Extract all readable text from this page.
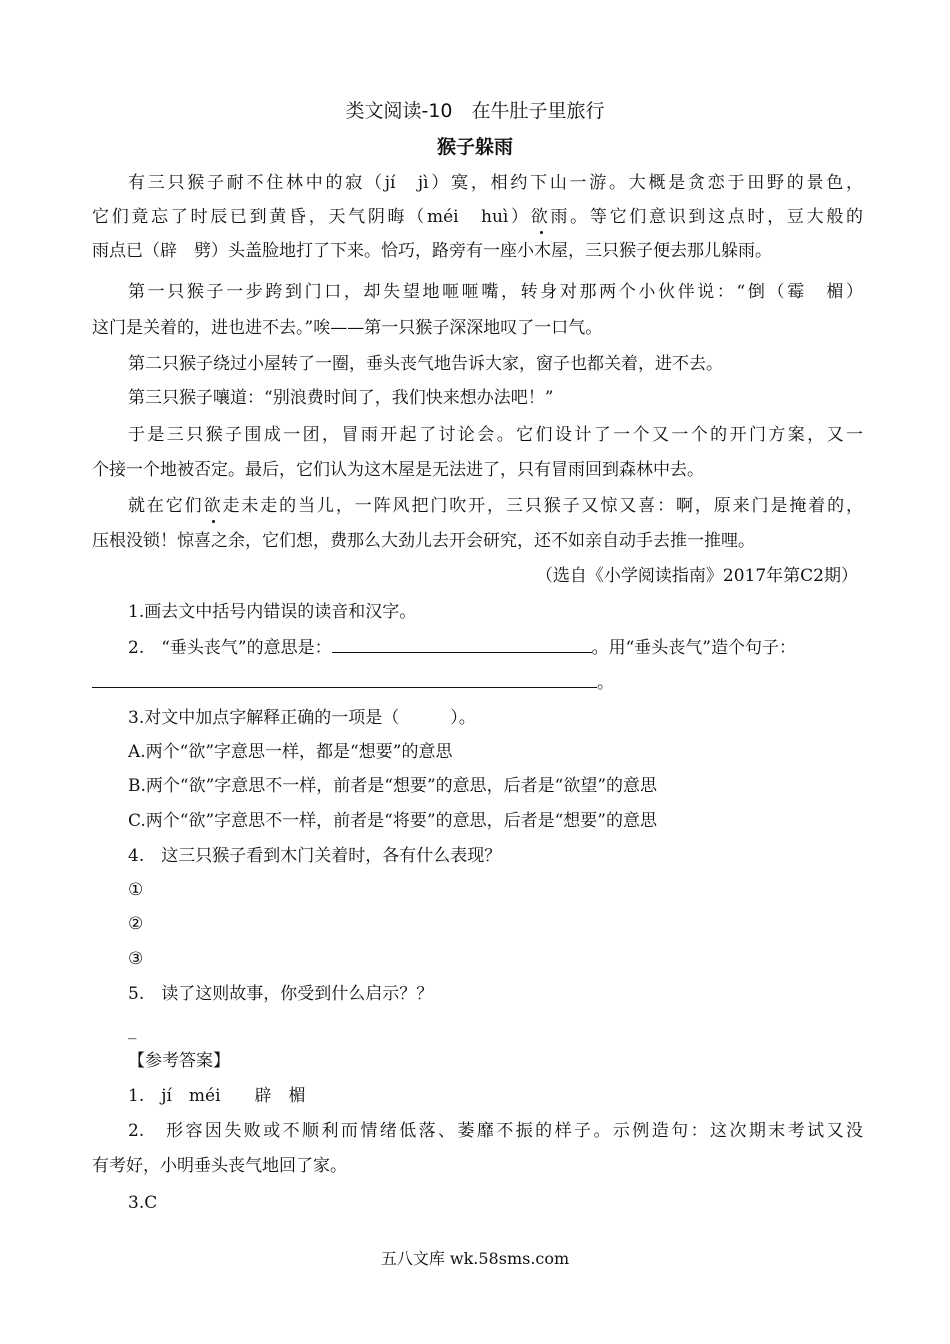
类文阅读-10　在牛肚子里旅行
猴子躲雨
有三只猴子耐不住林中的寂（jí　jì）寞，相约下山一游。大概是贪恋于田野的景色，
它们竟忘了时辰已到黄昏，天气阴晦（méi　huì）欲雨。等它们意识到这点时，豆大般的
雨点已（辟　劈）头盖脸地打了下来。恰巧，路旁有一座小木屋，三只猴子便去那儿躲雨。
第一只猴子一步跨到门口，却失望地咂咂嘴，转身对那两个小伙伴说：“倒（霉　楣）
这门是关着的，进也进不去。”唉——第一只猴子深深地叹了一口气。
第二只猴子绕过小屋转了一圈，垂头丧气地告诉大家，窗子也都关着，进不去。
第三只猴子嚷道：“别浪费时间了，我们快来想办法吧！”
于是三只猴子围成一团，冒雨开起了讨论会。它们设计了一个又一个的开门方案，又一
个接一个地被否定。最后，它们认为这木屋是无法进了，只有冒雨回到森林中去。
就在它们欲走未走的当儿，一阵风把门吹开，三只猴子又惊又喜：啊，原来门是掩着的，
压根没锁！惊喜之余，它们想，费那么大劲儿去开会研究，还不如亲自动手去推一推哩。
（选自《小学阅读指南》2017年第C2期）
1.画去文中括号内错误的读音和汉字。
2.　“垂头丧气”的意思是：	。用“垂头丧气”造个句子：
。
3.对文中加点字解释正确的一项是（　　　）。
A.两个“欲”字意思一样，都是“想要”的意思
B.两个“欲”字意思不一样，前者是“想要”的意思，后者是“欲望”的意思
C.两个“欲”字意思不一样，前者是“将要”的意思，后者是“想要”的意思
4.　这三只猴子看到木门关着时，各有什么表现？
①
②
③
5.　读了这则故事，你受到什么启示？？
_
【参考答案】
1.　jí　méi　　辟　楣
2.　形容因失败或不顺利而情绪低落、萎靡不振的样子。示例造句：这次期末考试又没
有考好，小明垂头丧气地回了家。
3.C
五八文库 wk.58sms.com
